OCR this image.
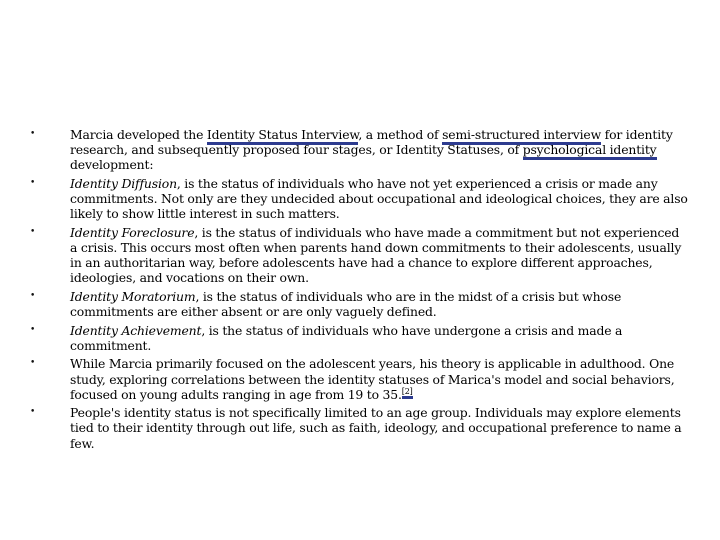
•	Marcia developed the Identity Status Interview, a method of semi-structured interview for identity research, and subsequently proposed four stages, or Identity Statuses, of psychological identity development:
•	Identity Diffusion, is the status of individuals who have not yet experienced a crisis or made any commitments. Not only are they undecided about occupational and ideological choices, they are also likely to show little interest in such matters.
•	Identity Foreclosure, is the status of individuals who have made a commitment but not experienced a crisis. This occurs most often when parents hand down commitments to their adolescents, usually in an authoritarian way, before adolescents have had a chance to explore different approaches, ideologies, and vocations on their own.
•	Identity Moratorium, is the status of individuals who are in the midst of a crisis but whose commitments are either absent or are only vaguely defined.
•	Identity Achievement, is the status of individuals who have undergone a crisis and made a commitment.
•	While Marcia primarily focused on the adolescent years, his theory is applicable in adulthood. One study, exploring correlations between the identity statuses of Marica's model and social behaviors, focused on young adults ranging in age from 19 to 35.[2]
•	People's identity status is not specifically limited to an age group. Individuals may explore elements tied to their identity through out life, such as faith, ideology, and occupational preference to name a few.
